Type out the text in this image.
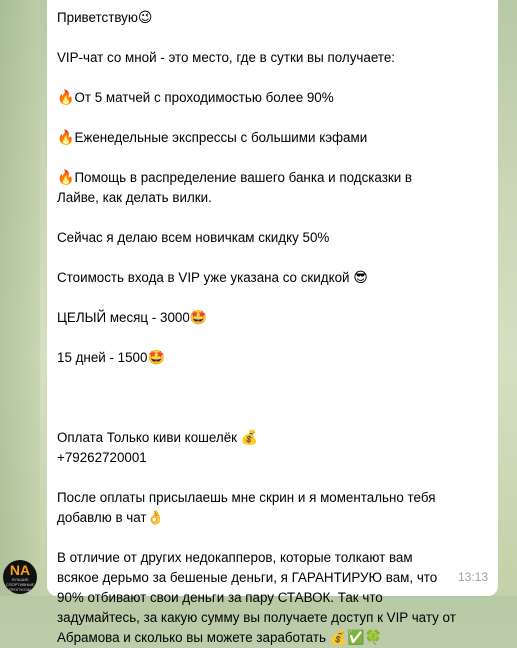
NA
ЛУЧШИЕ СПОРТИВНЫЕ ПРОГНОЗЫ
Приветствую😉
VIP-чат со мной - это место, где в сутки вы получаете:
🔥От 5 матчей с проходимостью более 90%
🔥Еженедельные экспрессы с большими кэфами
🔥Помощь в распределение вашего банка и подсказки в
Лайве, как делать вилки.
Сейчас я делаю всем новичкам скидку 50%
Стоимость входа в VIP уже указана со скидкой 😎
ЦЕЛЫЙ месяц - 3000🤩
15 дней - 1500🤩
Оплата Только киви кошелёк 💰
+79262720001
После оплаты присылаешь мне скрин и я моментально тебя
добавлю в чат👌
В отличие от других недокапперов, которые толкают вам
всякое дерьмо за бешеные деньги, я ГАРАНТИРУЮ вам, что
90% отбивают свои деньги за пару СТАВОК. Так что
задумайтесь, за какую сумму вы получаете доступ к VIP чату от
Абрамова и сколько вы можете заработать 💰✅🍀
13:13
